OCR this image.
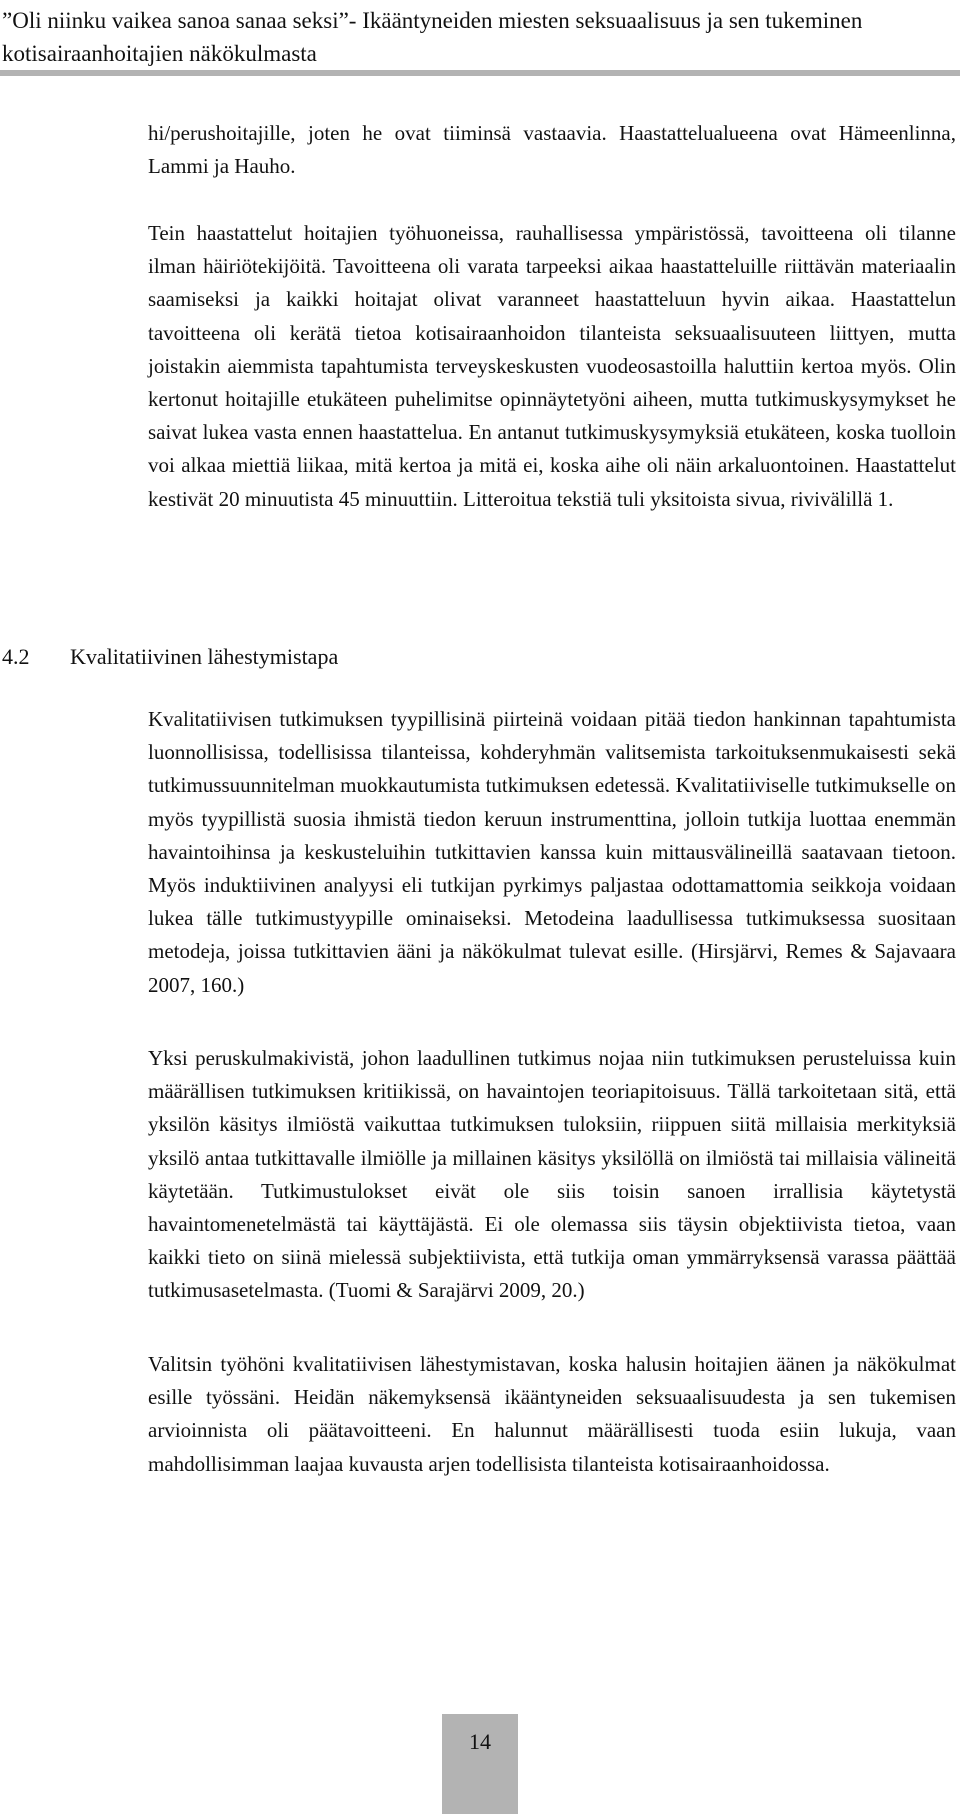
”Oli niinku vaikea sanoa sanaa seksi”- Ikääntyneiden miesten seksuaalisuus ja sen tukeminen kotisairaanhoitajien näkökulmasta

hi/perushoitajille, joten he ovat tiiminsä vastaavia. Haastattelualueena ovat Hämeenlinna, Lammi ja Hauho.

Tein haastattelut hoitajien työhuoneissa, rauhallisessa ympäristössä, tavoitteena oli tilanne ilman häiriötekijöitä. Tavoitteena oli varata tarpeeksi aikaa haastatteluille riittävän materiaalin saamiseksi ja kaikki hoitajat olivat varanneet haastatteluun hyvin aikaa. Haastattelun tavoitteena oli kerätä tietoa kotisairaanhoidon tilanteista seksuaalisuuteen liittyen, mutta joistakin aiemmista tapahtumista terveyskeskusten vuodeosastoilla haluttiin kertoa myös. Olin kertonut hoitajille etukäteen puhelimitse opinnäytetyöni aiheen, mutta tutkimuskysymykset he saivat lukea vasta ennen haastattelua. En antanut tutkimuskysymyksiä etukäteen, koska tuolloin voi alkaa miettiä liikaa, mitä kertoa ja mitä ei, koska aihe oli näin arkaluontoinen. Haastattelut kestivät 20 minuutista 45 minuuttiin. Litteroitua tekstiä tuli yksitoista sivua, rivivälillä 1.

4.2 Kvalitatiivinen lähestymistapa

Kvalitatiivisen tutkimuksen tyypillisinä piirteinä voidaan pitää tiedon hankinnan tapahtumista luonnollisissa, todellisissa tilanteissa, kohderyhmän valitsemista tarkoituksenmukaisesti sekä tutkimussuunnitelman muokkautumista tutkimuksen edetessä. Kvalitatiiviselle tutkimukselle on myös tyypillistä suosia ihmistä tiedon keruun instrumenttina, jolloin tutkija luottaa enemmän havaintoihinsa ja keskusteluihin tutkittavien kanssa kuin mittausvälineillä saatavaan tietoon. Myös induktiivinen analyysi eli tutkijan pyrkimys paljastaa odottamattomia seikkoja voidaan lukea tälle tutkimustyypille ominaiseksi. Metodeina laadullisessa tutkimuksessa suositaan metodeja, joissa tutkittavien ääni ja näkökulmat tulevat esille. (Hirsjärvi, Remes & Sajavaara 2007, 160.)

Yksi peruskulmakivistä, johon laadullinen tutkimus nojaa niin tutkimuksen perusteluissa kuin määrällisen tutkimuksen kritiikissä, on havaintojen teoriapitoisuus. Tällä tarkoitetaan sitä, että yksilön käsitys ilmiöstä vaikuttaa tutkimuksen tuloksiin, riippuen siitä millaisia merkityksiä yksilö antaa tutkittavalle ilmiölle ja millainen käsitys yksilöllä on ilmiöstä tai millaisia välineitä käytetään. Tutkimustulokset eivät ole siis toisin sanoen irrallisia käytetystä havaintomenetelmästä tai käyttäjästä. Ei ole olemassa siis täysin objektiivista tietoa, vaan kaikki tieto on siinä mielessä subjektiivista, että tutkija oman ymmärryksensä varassa päättää tutkimusasetelmasta. (Tuomi & Sarajärvi 2009, 20.)

Valitsin työhöni kvalitatiivisen lähestymistavan, koska halusin hoitajien äänen ja näkökulmat esille työssäni. Heidän näkemyksensä ikääntyneiden seksuaalisuudesta ja sen tukemisen arvioinnista oli päätavoitteeni. En halunnut määrällisesti tuoda esiin lukuja, vaan mahdollisimman laajaa kuvausta arjen todellisista tilanteista kotisairaanhoidossa.

14
